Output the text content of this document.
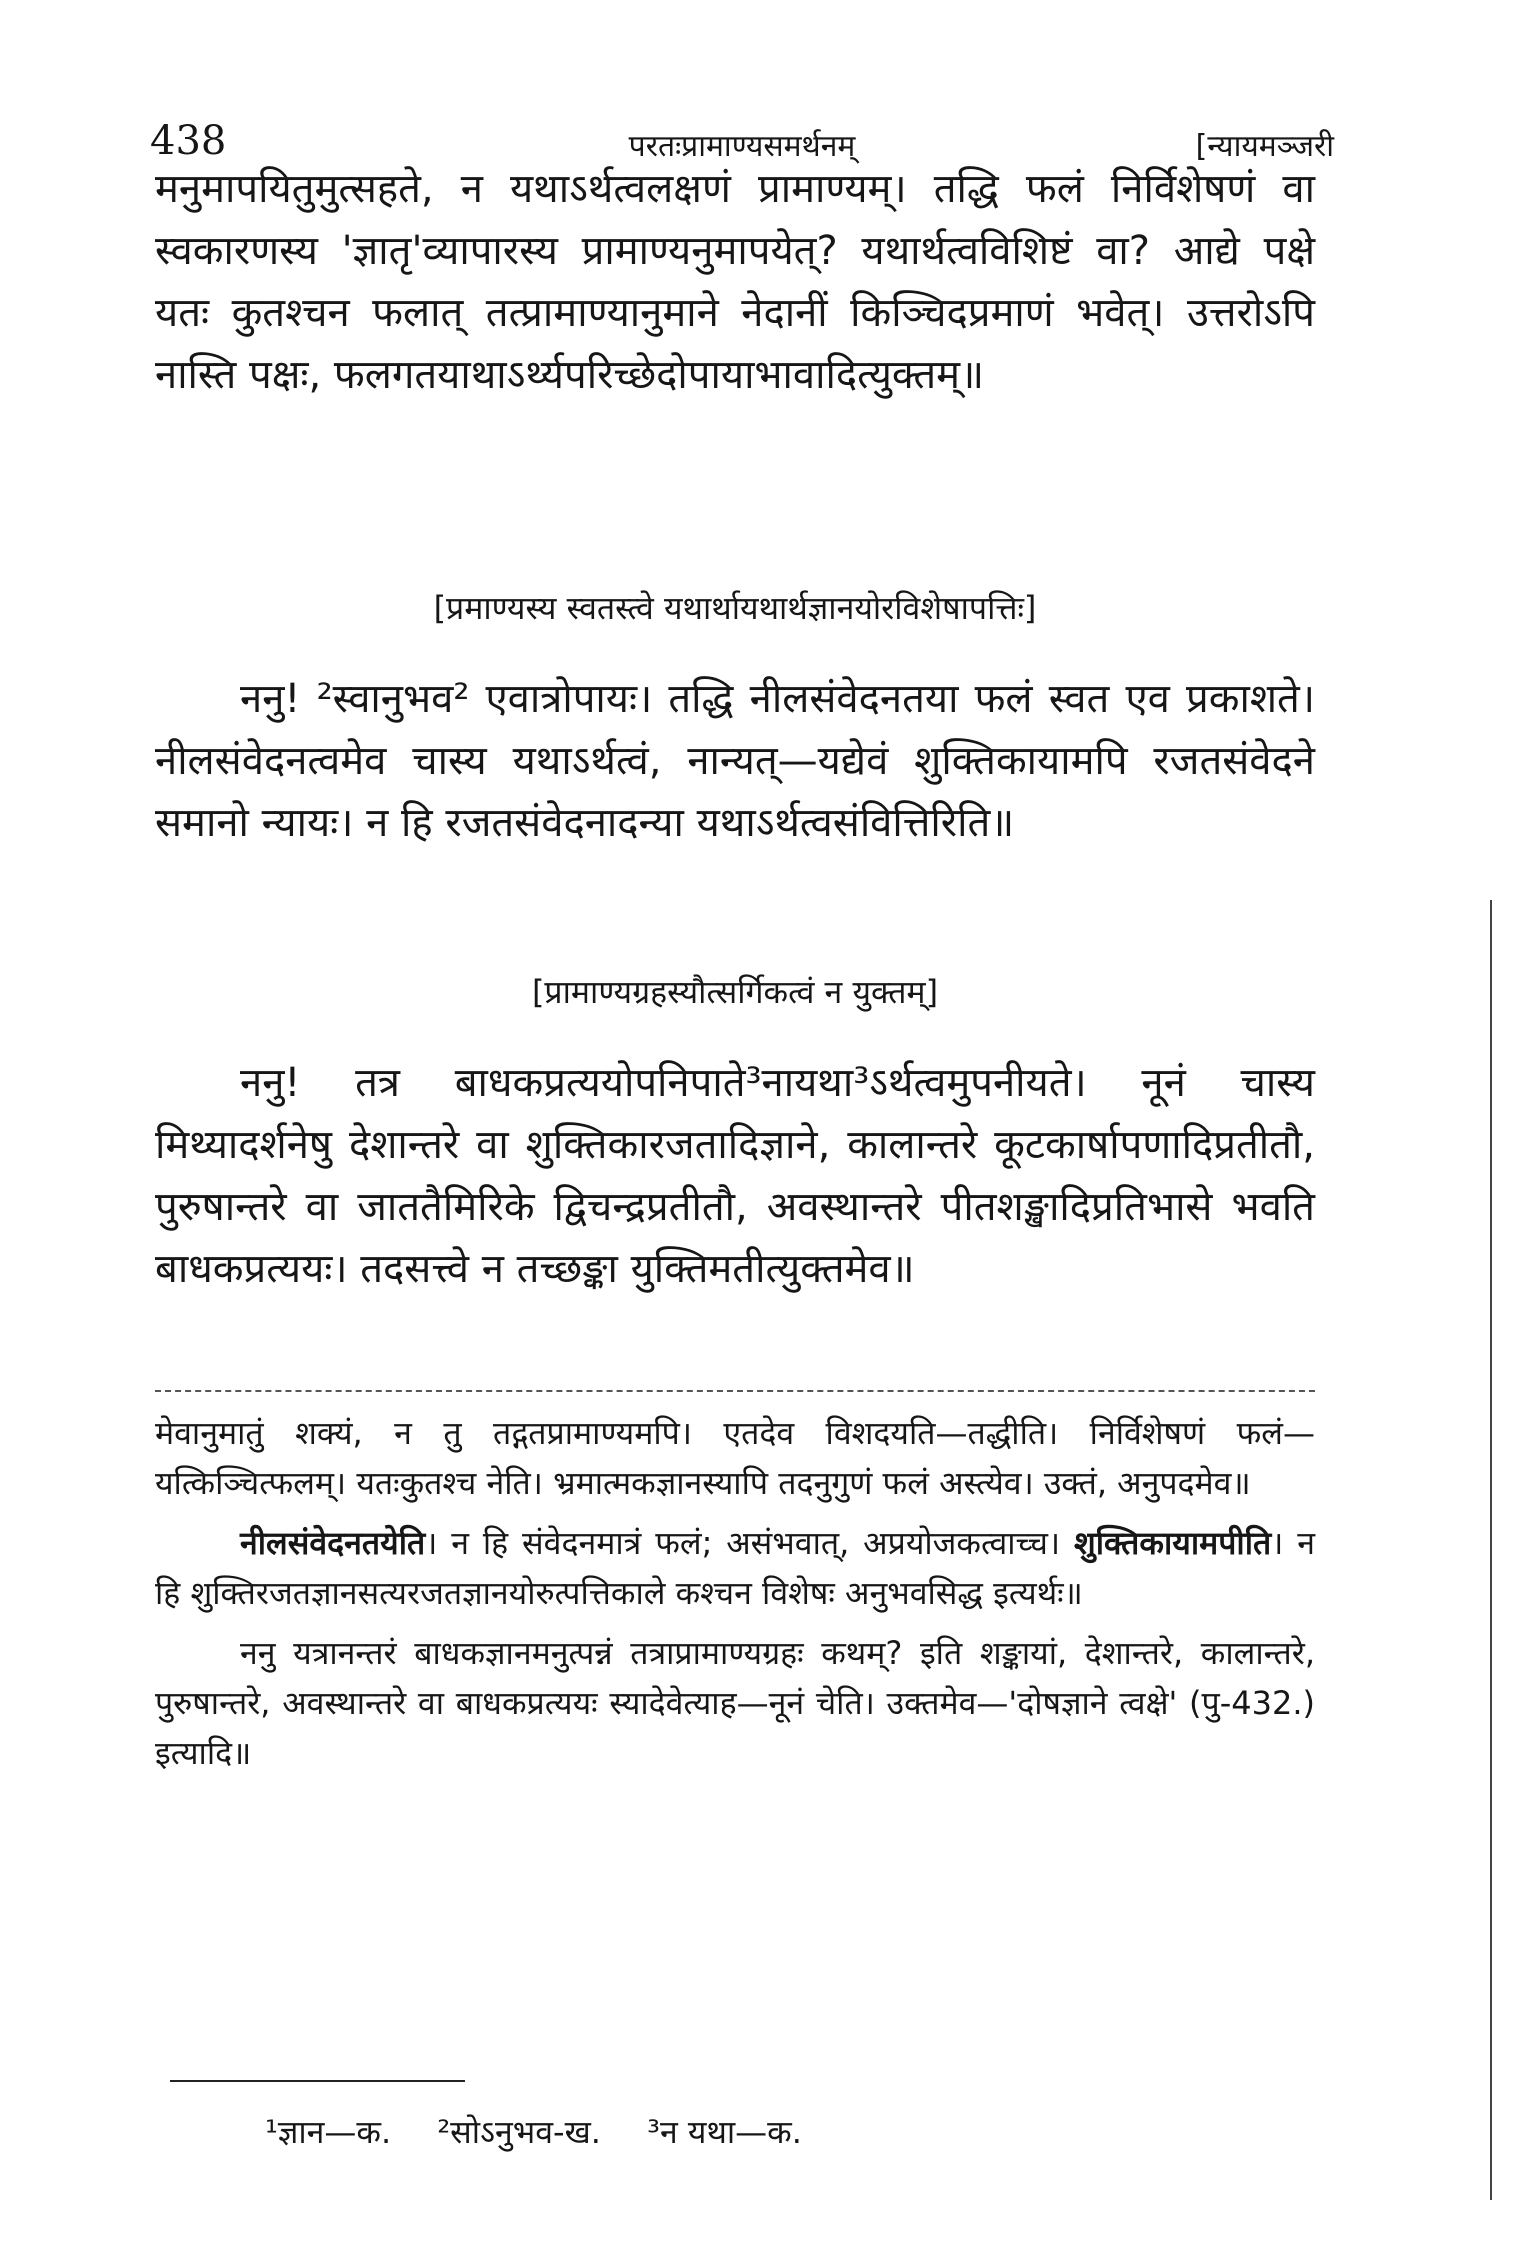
438	परतःप्रामाण्यसमर्थनम्	[न्यायमञ्जरी

मनुमापयितुमुत्सहते, न यथाऽर्थत्वलक्षणं प्रामाण्यम्। तद्धि फलं निर्विशेषणं वा स्वकारणस्य 'ज्ञातृ'व्यापारस्य प्रामाण्यनुमापयेत्? यथार्थत्वविशिष्टं वा? आद्ये पक्षे यतः कुतश्चन फलात् तत्प्रामाण्यानुमाने नेदानीं किञ्चिदप्रमाणं भवेत्। उत्तरोऽपि नास्ति पक्षः, फलगतयाथाऽर्थ्यपरिच्छेदोपायाभावादित्युक्तम्॥

[प्रमाण्यस्य स्वतस्त्वे यथार्थायथार्थज्ञानयोरविशेषापत्तिः]

ननु! ²स्वानुभव² एवात्रोपायः। तद्धि नीलसंवेदनतया फलं स्वत एव प्रकाशते। नीलसंवेदनत्वमेव चास्य यथाऽर्थत्वं, नान्यत्—यद्येवं शुक्तिकायामपि रजतसंवेदने समानो न्यायः। न हि रजतसंवेदनादन्या यथाऽर्थत्वसंवित्तिरिति॥

[प्रामाण्यग्रहस्यौत्सर्गिकत्वं न युक्तम्]

ननु! तत्र बाधकप्रत्ययोपनिपाते³नायथा³ऽर्थत्वमुपनीयते। नूनं चास्य मिथ्यादर्शनेषु देशान्तरे वा शुक्तिकारजतादिज्ञाने, कालान्तरे कूटकार्षापणादिप्रतीतौ, पुरुषान्तरे वा जाततैमिरिके द्विचन्द्रप्रतीतौ, अवस्थान्तरे पीतशङ्खादिप्रतिभासे भवति बाधकप्रत्ययः। तदसत्त्वे न तच्छङ्का युक्तिमतीत्युक्तमेव॥

मेवानुमातुं शक्यं, न तु तद्गतप्रामाण्यमपि। एतदेव विशदयति—तद्धीति। निर्विशेषणं फलं—यत्किञ्चित्फलम्। यतःकुतश्च नेति। भ्रमात्मकज्ञानस्यापि तदनुगुणं फलं अस्त्येव। उक्तं, अनुपदमेव॥

नीलसंवेदनतयेति। न हि संवेदनमात्रं फलं; असंभवात्, अप्रयोजकत्वाच्च। शुक्तिकायामपीति। न हि शुक्तिरजतज्ञानसत्यरजतज्ञानयोरुत्पत्तिकाले कश्चन विशेषः अनुभवसिद्ध इत्यर्थः॥

ननु यत्रानन्तरं बाधकज्ञानमनुत्पन्नं तत्राप्रामाण्यग्रहः कथम्? इति शङ्कायां, देशान्तरे, कालान्तरे, पुरुषान्तरे, अवस्थान्तरे वा बाधकप्रत्ययः स्यादेवेत्याह—नूनं चेति। उक्तमेव—'दोषज्ञाने त्वक्षे' (पु-432.) इत्यादि॥

¹ज्ञान—क. ²सोऽनुभव-ख. ³न यथा—क.
